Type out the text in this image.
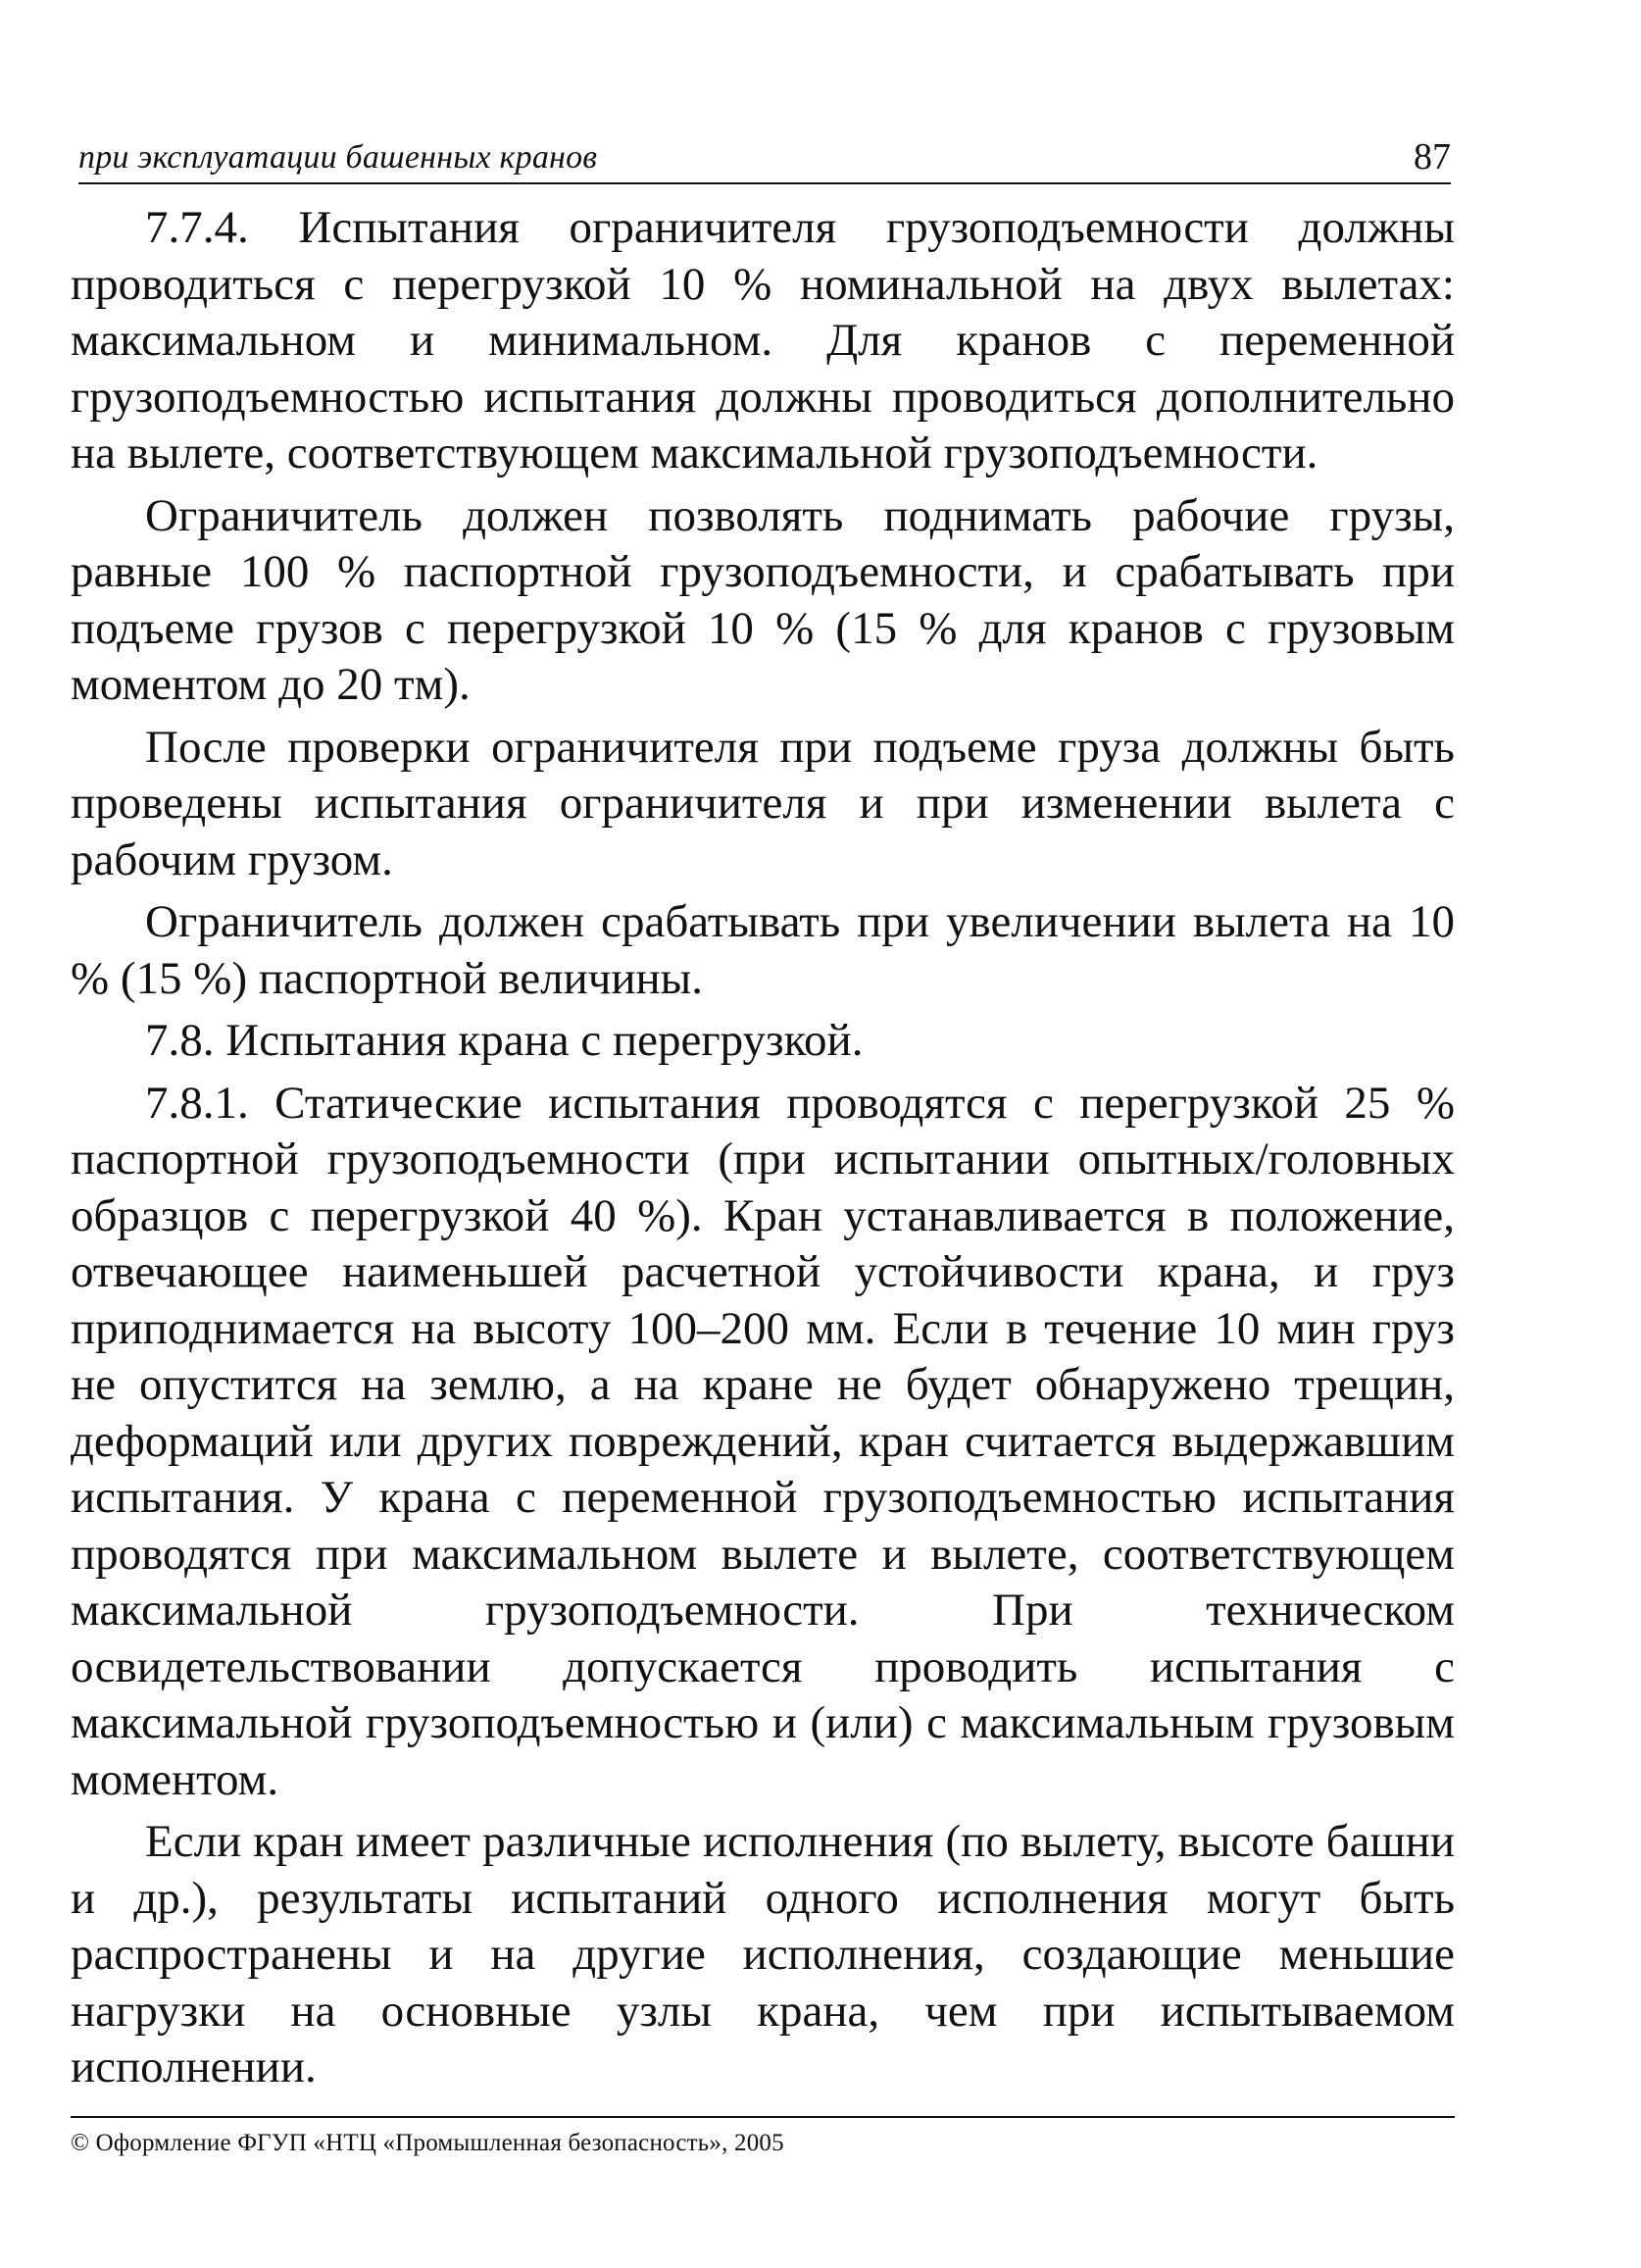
при эксплуатации башенных кранов	87

7.7.4. Испытания ограничителя грузоподъемности должны проводиться с перегрузкой 10 % номинальной на двух вылетах: максимальном и минимальном. Для кранов с переменной грузоподъемностью испытания должны проводиться дополнительно на вылете, соответствующем максимальной грузоподъемности.

Ограничитель должен позволять поднимать рабочие грузы, равные 100 % паспортной грузоподъемности, и срабатывать при подъеме грузов с перегрузкой 10 % (15 % для кранов с грузовым моментом до 20 тм).

После проверки ограничителя при подъеме груза должны быть проведены испытания ограничителя и при изменении вылета с рабочим грузом.

Ограничитель должен срабатывать при увеличении вылета на 10 % (15 %) паспортной величины.

7.8. Испытания крана с перегрузкой.

7.8.1. Статические испытания проводятся с перегрузкой 25 % паспортной грузоподъемности (при испытании опытных/головных образцов с перегрузкой 40 %). Кран устанавливается в положение, отвечающее наименьшей расчетной устойчивости крана, и груз приподнимается на высоту 100–200 мм. Если в течение 10 мин груз не опустится на землю, а на кране не будет обнаружено трещин, деформаций или других повреждений, кран считается выдержавшим испытания. У крана с переменной грузоподъемностью испытания проводятся при максимальном вылете и вылете, соответствующем максимальной грузоподъемности. При техническом освидетельствовании допускается проводить испытания с максимальной грузоподъемностью и (или) с максимальным грузовым моментом.

Если кран имеет различные исполнения (по вылету, высоте башни и др.), результаты испытаний одного исполнения могут быть распространены и на другие исполнения, создающие меньшие нагрузки на основные узлы крана, чем при испытываемом исполнении.

© Оформление ФГУП «НТЦ «Промышленная безопасность», 2005
